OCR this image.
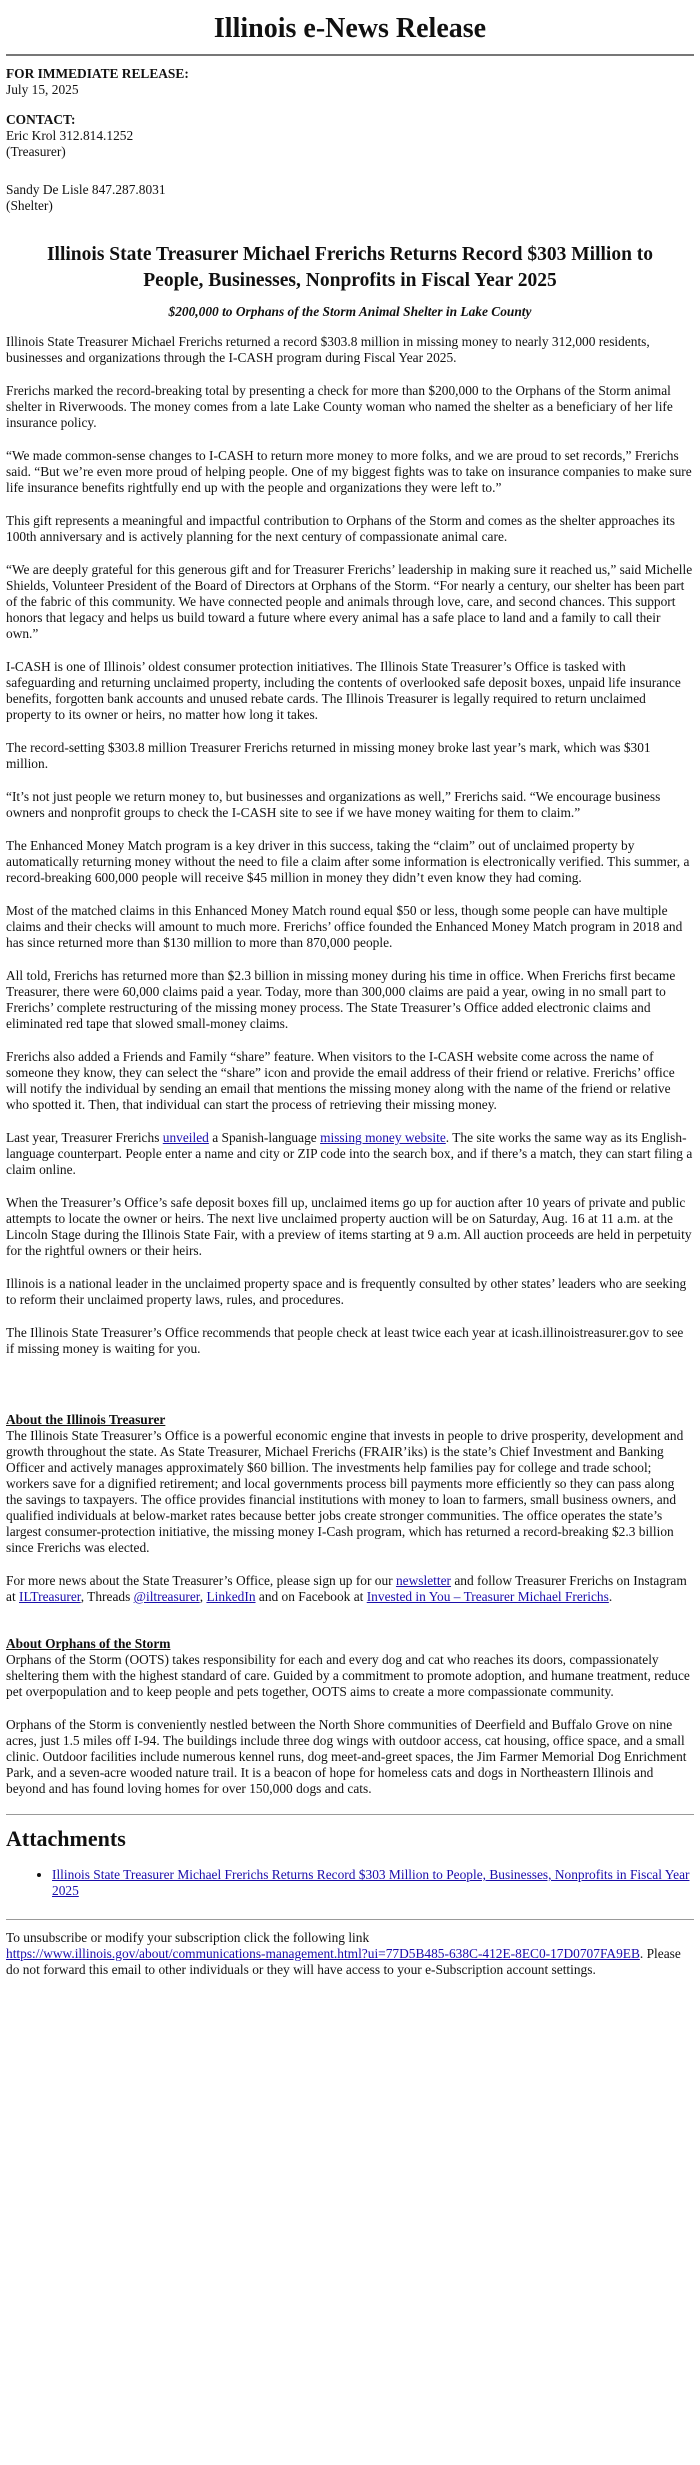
Illinois e-News Release

FOR IMMEDIATE RELEASE:

July 15, 2025

CONTACT:

Eric Krol 312.814.1252

(Treasurer)

Sandy De Lisle 847.287.8031

(Shelter)

Illinois State Treasurer Michael Frerichs Returns Record $303 Million to People, Businesses, Nonprofits in Fiscal Year 2025
$200,000 to Orphans of the Storm Animal Shelter in Lake County

Illinois State Treasurer Michael Frerichs returned a record $303.8 million in missing money to nearly 312,000 residents, businesses and organizations through the I-CASH program during Fiscal Year 2025.

Frerichs marked the record-breaking total by presenting a check for more than $200,000 to the Orphans of the Storm animal shelter in Riverwoods. The money comes from a late Lake County woman who named the shelter as a beneficiary of her life insurance policy.

“We made common-sense changes to I-CASH to return more money to more folks, and we are proud to set records,” Frerichs said. “But we’re even more proud of helping people. One of my biggest fights was to take on insurance companies to make sure life insurance benefits rightfully end up with the people and organizations they were left to.”

This gift represents a meaningful and impactful contribution to Orphans of the Storm and comes as the shelter approaches its 100th anniversary and is actively planning for the next century of compassionate animal care.

“We are deeply grateful for this generous gift and for Treasurer Frerichs’ leadership in making sure it reached us,” said Michelle Shields, Volunteer President of the Board of Directors at Orphans of the Storm. “For nearly a century, our shelter has been part of the fabric of this community. We have connected people and animals through love, care, and second chances. This support honors that legacy and helps us build toward a future where every animal has a safe place to land and a family to call their own.”

I-CASH is one of Illinois’ oldest consumer protection initiatives. The Illinois State Treasurer’s Office is tasked with safeguarding and returning unclaimed property, including the contents of overlooked safe deposit boxes, unpaid life insurance benefits, forgotten bank accounts and unused rebate cards. The Illinois Treasurer is legally required to return unclaimed property to its owner or heirs, no matter how long it takes.

The record-setting $303.8 million Treasurer Frerichs returned in missing money broke last year’s mark, which was $301 million.

“It’s not just people we return money to, but businesses and organizations as well,” Frerichs said. “We encourage business owners and nonprofit groups to check the I-CASH site to see if we have money waiting for them to claim.”

The Enhanced Money Match program is a key driver in this success, taking the “claim” out of unclaimed property by automatically returning money without the need to file a claim after some information is electronically verified. This summer, a record-breaking 600,000 people will receive $45 million in money they didn’t even know they had coming.

Most of the matched claims in this Enhanced Money Match round equal $50 or less, though some people can have multiple claims and their checks will amount to much more. Frerichs’ office founded the Enhanced Money Match program in 2018 and has since returned more than $130 million to more than 870,000 people.

All told, Frerichs has returned more than $2.3 billion in missing money during his time in office. When Frerichs first became Treasurer, there were 60,000 claims paid a year. Today, more than 300,000 claims are paid a year, owing in no small part to Frerichs’ complete restructuring of the missing money process. The State Treasurer’s Office added electronic claims and eliminated red tape that slowed small-money claims.

Frerichs also added a Friends and Family “share” feature. When visitors to the I-CASH website come across the name of someone they know, they can select the “share” icon and provide the email address of their friend or relative. Frerichs’ office will notify the individual by sending an email that mentions the missing money along with the name of the friend or relative who spotted it. Then, that individual can start the process of retrieving their missing money.

Last year, Treasurer Frerichs unveiled a Spanish-language missing money website. The site works the same way as its English-language counterpart. People enter a name and city or ZIP code into the search box, and if there’s a match, they can start filing a claim online.

When the Treasurer’s Office’s safe deposit boxes fill up, unclaimed items go up for auction after 10 years of private and public attempts to locate the owner or heirs. The next live unclaimed property auction will be on Saturday, Aug. 16 at 11 a.m. at the Lincoln Stage during the Illinois State Fair, with a preview of items starting at 9 a.m. All auction proceeds are held in perpetuity for the rightful owners or their heirs.

Illinois is a national leader in the unclaimed property space and is frequently consulted by other states’ leaders who are seeking to reform their unclaimed property laws, rules, and procedures.

The Illinois State Treasurer’s Office recommends that people check at least twice each year at icash.illinoistreasurer.gov to see if missing money is waiting for you.

About the Illinois Treasurer

The Illinois State Treasurer’s Office is a powerful economic engine that invests in people to drive prosperity, development and growth throughout the state. As State Treasurer, Michael Frerichs (FRAIR’iks) is the state’s Chief Investment and Banking Officer and actively manages approximately $60 billion. The investments help families pay for college and trade school; workers save for a dignified retirement; and local governments process bill payments more efficiently so they can pass along the savings to taxpayers. The office provides financial institutions with money to loan to farmers, small business owners, and qualified individuals at below-market rates because better jobs create stronger communities. The office operates the state’s largest consumer-protection initiative, the missing money I-Cash program, which has returned a record-breaking $2.3 billion since Frerichs was elected.

For more news about the State Treasurer’s Office, please sign up for our newsletter and follow Treasurer Frerichs on Instagram at ILTreasurer, Threads @iltreasurer, LinkedIn and on Facebook at Invested in You – Treasurer Michael Frerichs.

About Orphans of the Storm

Orphans of the Storm (OOTS) takes responsibility for each and every dog and cat who reaches its doors, compassionately sheltering them with the highest standard of care. Guided by a commitment to promote adoption, and humane treatment, reduce pet overpopulation and to keep people and pets together, OOTS aims to create a more compassionate community.

Orphans of the Storm is conveniently nestled between the North Shore communities of Deerfield and Buffalo Grove on nine acres, just 1.5 miles off I-94. The buildings include three dog wings with outdoor access, cat housing, office space, and a small clinic. Outdoor facilities include numerous kennel runs, dog meet-and-greet spaces, the Jim Farmer Memorial Dog Enrichment Park, and a seven-acre wooded nature trail. It is a beacon of hope for homeless cats and dogs in Northeastern Illinois and beyond and has found loving homes for over 150,000 dogs and cats.

Attachments
• Illinois State Treasurer Michael Frerichs Returns Record $303 Million to People, Businesses, Nonprofits in Fiscal Year 2025

To unsubscribe or modify your subscription click the following link
https://www.illinois.gov/about/communications-management.html?ui=77D5B485-638C-412E-8EC0-17D0707FA9EB. Please do not forward this email to other individuals or they will have access to your e-Subscription account settings.
